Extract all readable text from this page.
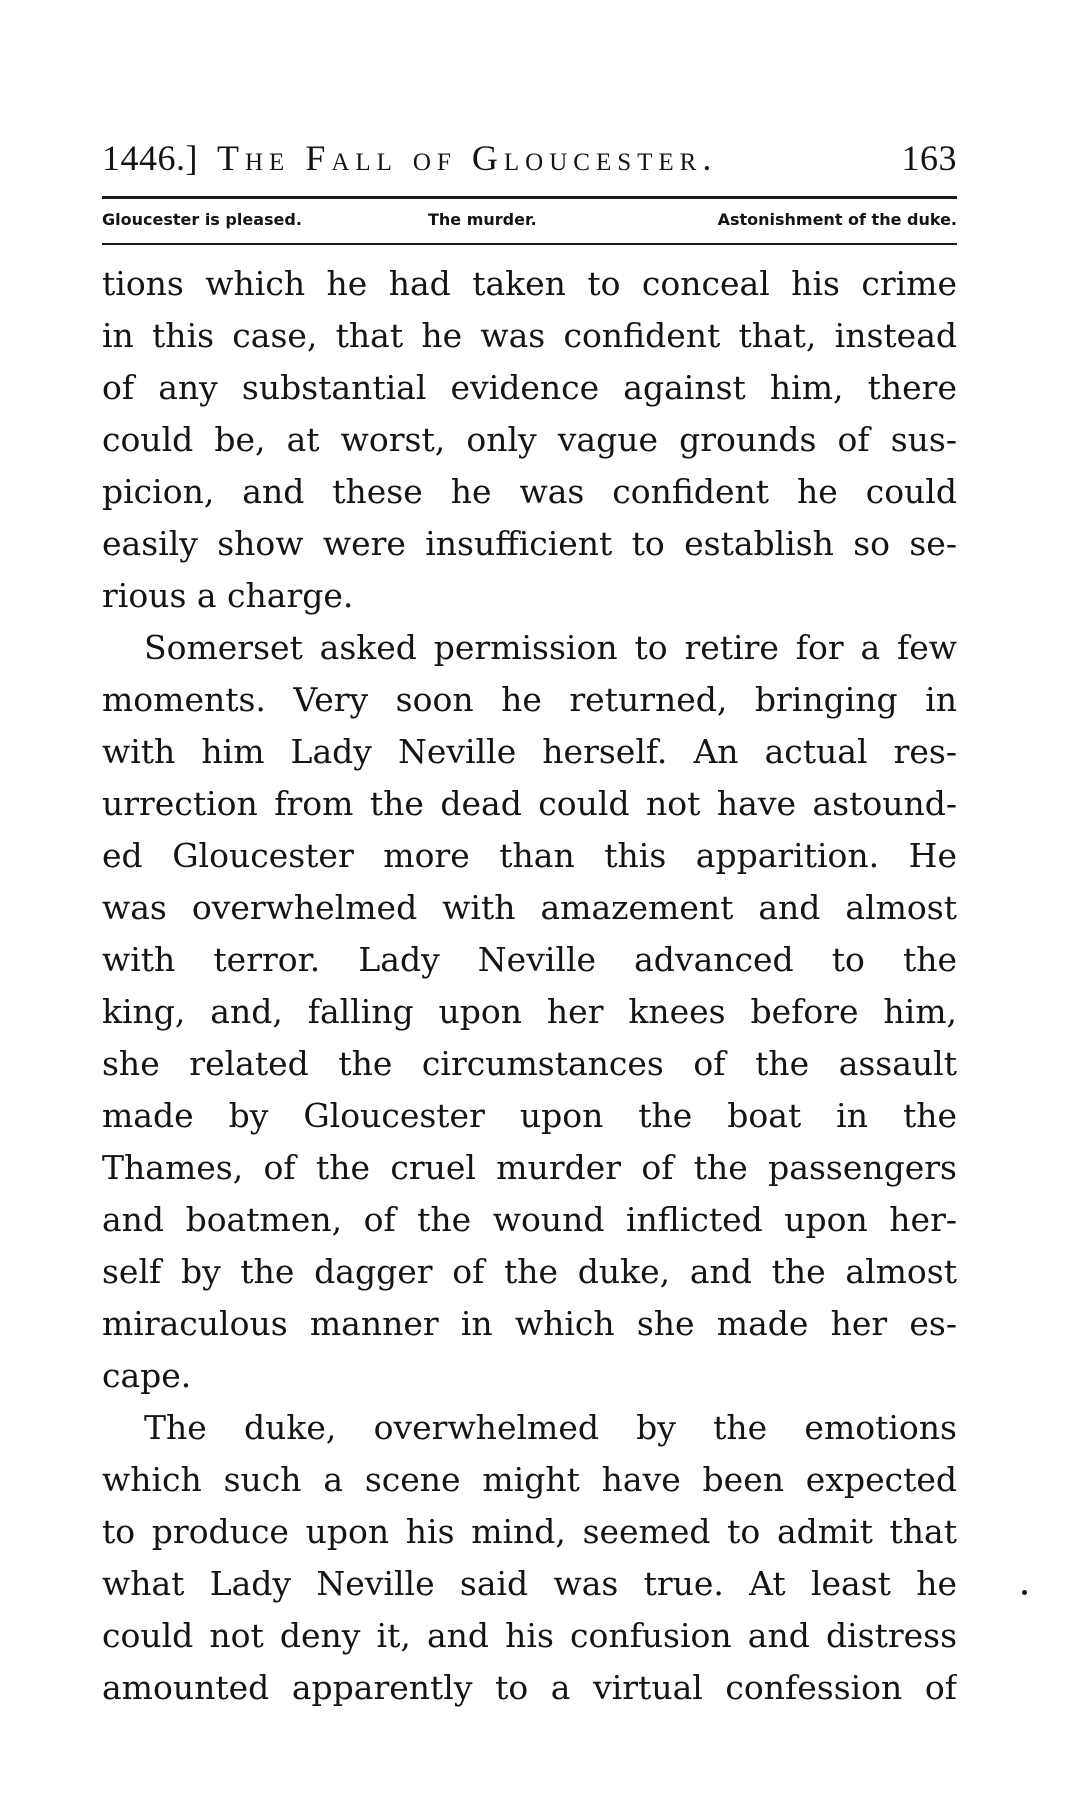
1446.] The Fall of Gloucester.	163
Gloucester is pleased.	The murder.	Astonishment of the duke.
tions which he had taken to conceal his crime
in this case, that he was confident that, instead
of any substantial evidence against him, there
could be, at worst, only vague grounds of sus-
picion, and these he was confident he could
easily show were insufficient to establish so se-
rious a charge.
Somerset asked permission to retire for a few
moments. Very soon he returned, bringing in
with him Lady Neville herself. An actual res-
urrection from the dead could not have astound-
ed Gloucester more than this apparition. He
was overwhelmed with amazement and almost
with terror. Lady Neville advanced to the
king, and, falling upon her knees before him,
she related the circumstances of the assault
made by Gloucester upon the boat in the
Thames, of the cruel murder of the passengers
and boatmen, of the wound inflicted upon her-
self by the dagger of the duke, and the almost
miraculous manner in which she made her es-
cape.
The duke, overwhelmed by the emotions
which such a scene might have been expected
to produce upon his mind, seemed to admit that
what Lady Neville said was true. At least he
could not deny it, and his confusion and distress
amounted apparently to a virtual confession of
